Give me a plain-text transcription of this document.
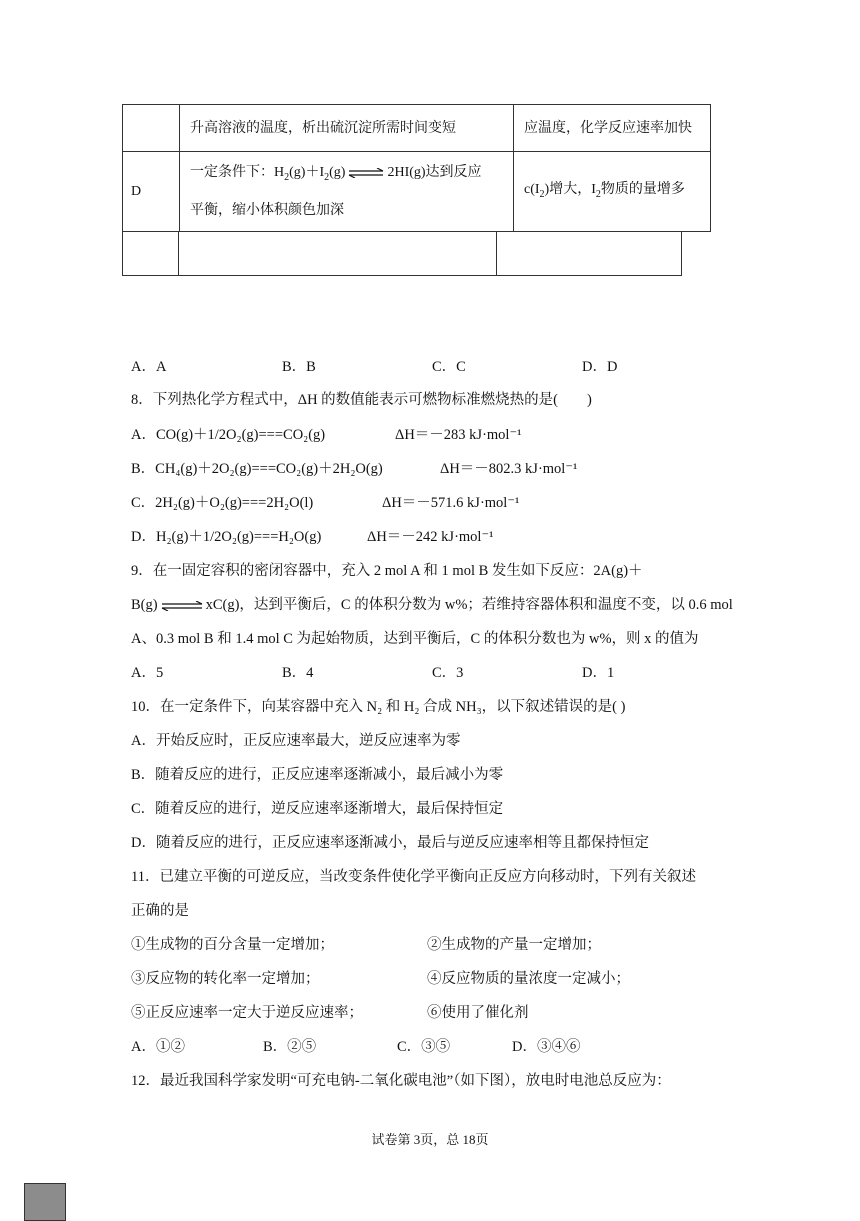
	升高溶液的温度，析出硫沉淀所需时间变短	应温度，化学反应速率加快

D	一定条件下：$H_2(g)+I_2(g)$ ⇌ 2HI(g)达到反应
平衡，缩小体积颜色加深	$c(I_2)$增大，$I_2$物质的量增多
A．A	B．B	C．C	D．D
8．下列热化学方程式中，ΔH 的数值能表示可燃物标准燃烧热的是(　　)
A．CO(g)＋1/2O₂(g)===CO₂(g)	ΔH＝－283 kJ·mol⁻¹
B．CH₄(g)＋2O₂(g)===CO₂(g)＋2H₂O(g)	ΔH＝－802.3 kJ·mol⁻¹
C．2H₂(g)＋O₂(g)===2H₂O(l)	ΔH＝－571.6 kJ·mol⁻¹
D．H₂(g)＋1/2O₂(g)===H₂O(g)	ΔH＝－242 kJ·mol⁻¹
9．在一固定容积的密闭容器中，充入 2 mol A 和 1 mol B 发生如下反应：2A(g)＋
B(g) ⇌ xC(g)，达到平衡后，C 的体积分数为 w%；若维持容器体积和温度不变，以 0.6 mol
A、0.3 mol B 和 1.4 mol C 为起始物质，达到平衡后，C 的体积分数也为 w%，则 x 的值为
A．5	B．4	C．3	D．1
10．在一定条件下，向某容器中充入 N₂ 和 H₂ 合成 NH₃，以下叙述错误的是( )
A．开始反应时，正反应速率最大，逆反应速率为零
B．随着反应的进行，正反应速率逐渐减小，最后减小为零
C．随着反应的进行，逆反应速率逐渐增大，最后保持恒定
D．随着反应的进行，正反应速率逐渐减小，最后与逆反应速率相等且都保持恒定
11．已建立平衡的可逆反应，当改变条件使化学平衡向正反应方向移动时，下列有关叙述
正确的是
①生成物的百分含量一定增加；	②生成物的产量一定增加；
③反应物的转化率一定增加；	④反应物质的量浓度一定减小；
⑤正反应速率一定大于逆反应速率；	⑥使用了催化剂
A．①②	B．②⑤	C．③⑤	D．③④⑥
12．最近我国科学家发明“可充电钠-二氧化碳电池”（如下图），放电时电池总反应为：
试卷第 3页，总 18页
